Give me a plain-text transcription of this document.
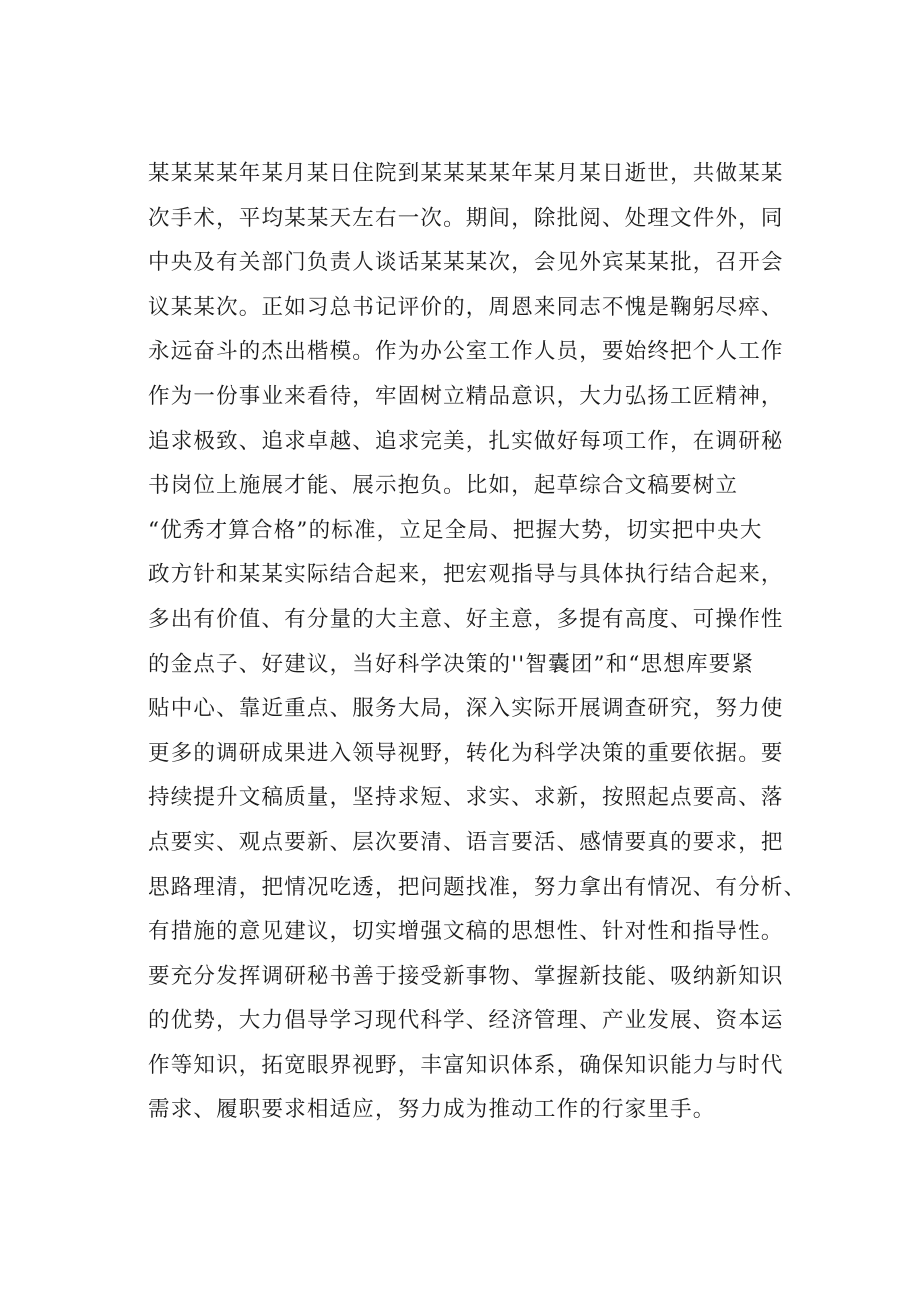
某某某某年某月某日住院到某某某某年某月某日逝世，共做某某
次手术，平均某某天左右一次。期间，除批阅、处理文件外，同
中央及有关部门负责人谈话某某某次，会见外宾某某批，召开会
议某某次。正如习总书记评价的，周恩来同志不愧是鞠躬尽瘁、
永远奋斗的杰出楷模。作为办公室工作人员，要始终把个人工作
作为一份事业来看待，牢固树立精品意识，大力弘扬工匠精神，
追求极致、追求卓越、追求完美，扎实做好每项工作，在调研秘
书岗位上施展才能、展示抱负。比如，起草综合文稿要树立
“优秀才算合格”的标准，立足全局、把握大势，切实把中央大
政方针和某某实际结合起来，把宏观指导与具体执行结合起来，
多出有价值、有分量的大主意、好主意，多提有高度、可操作性
的金点子、好建议，当好科学决策的''智囊团”和“思想库要紧
贴中心、靠近重点、服务大局，深入实际开展调查研究，努力使
更多的调研成果进入领导视野，转化为科学决策的重要依据。要
持续提升文稿质量，坚持求短、求实、求新，按照起点要高、落
点要实、观点要新、层次要清、语言要活、感情要真的要求，把
思路理清，把情况吃透，把问题找准，努力拿出有情况、有分析、
有措施的意见建议，切实增强文稿的思想性、针对性和指导性。
要充分发挥调研秘书善于接受新事物、掌握新技能、吸纳新知识
的优势，大力倡导学习现代科学、经济管理、产业发展、资本运
作等知识，拓宽眼界视野，丰富知识体系，确保知识能力与时代
需求、履职要求相适应，努力成为推动工作的行家里手。
